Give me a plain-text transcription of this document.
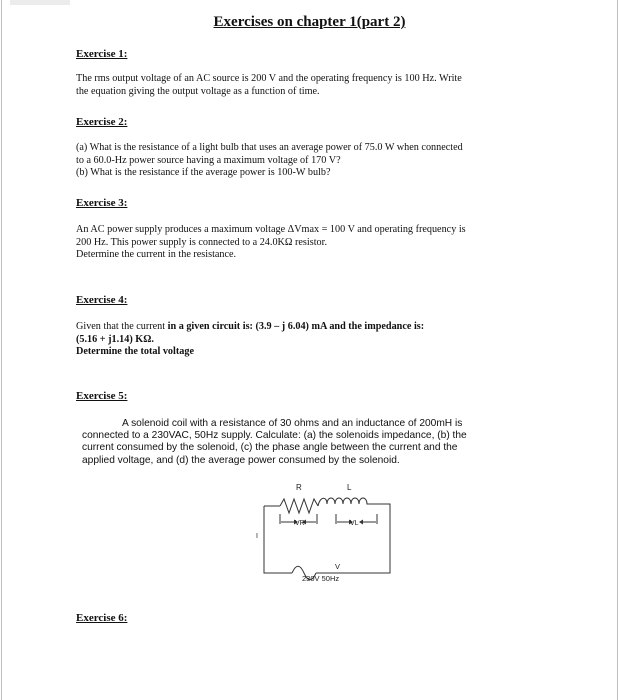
Exercises on chapter 1(part 2)
Exercise 1:
The rms output voltage of an AC source is 200 V and the operating frequency is 100 Hz. Write
the equation giving the output voltage as a function of time.
Exercise 2:
(a) What is the resistance of a light bulb that uses an average power of 75.0 W when connected
to a 60.0-Hz power source having a maximum voltage of 170 V?
(b) What is the resistance if the average power is 100-W bulb?
Exercise 3:
An AC power supply produces a maximum voltage ΔVmax = 100 V and operating frequency is
200 Hz. This power supply is connected to a 24.0KΩ resistor.
Determine the current in the resistance.
Exercise 4:
Given that the current in a given circuit is: (3.9 – j 6.04) mA and the impedance is:
(5.16 + j1.14) KΩ.
Determine the total voltage
Exercise 5:
A solenoid coil with a resistance of 30 ohms and an inductance of 200mH is
connected to a 230VAC, 50Hz supply. Calculate: (a) the solenoids impedance, (b) the
current consumed by the solenoid, (c) the phase angle between the current and the
applied voltage, and (d) the average power consumed by the solenoid.
R	L
VR	VL
I
V
230V 50Hz
Exercise 6:
